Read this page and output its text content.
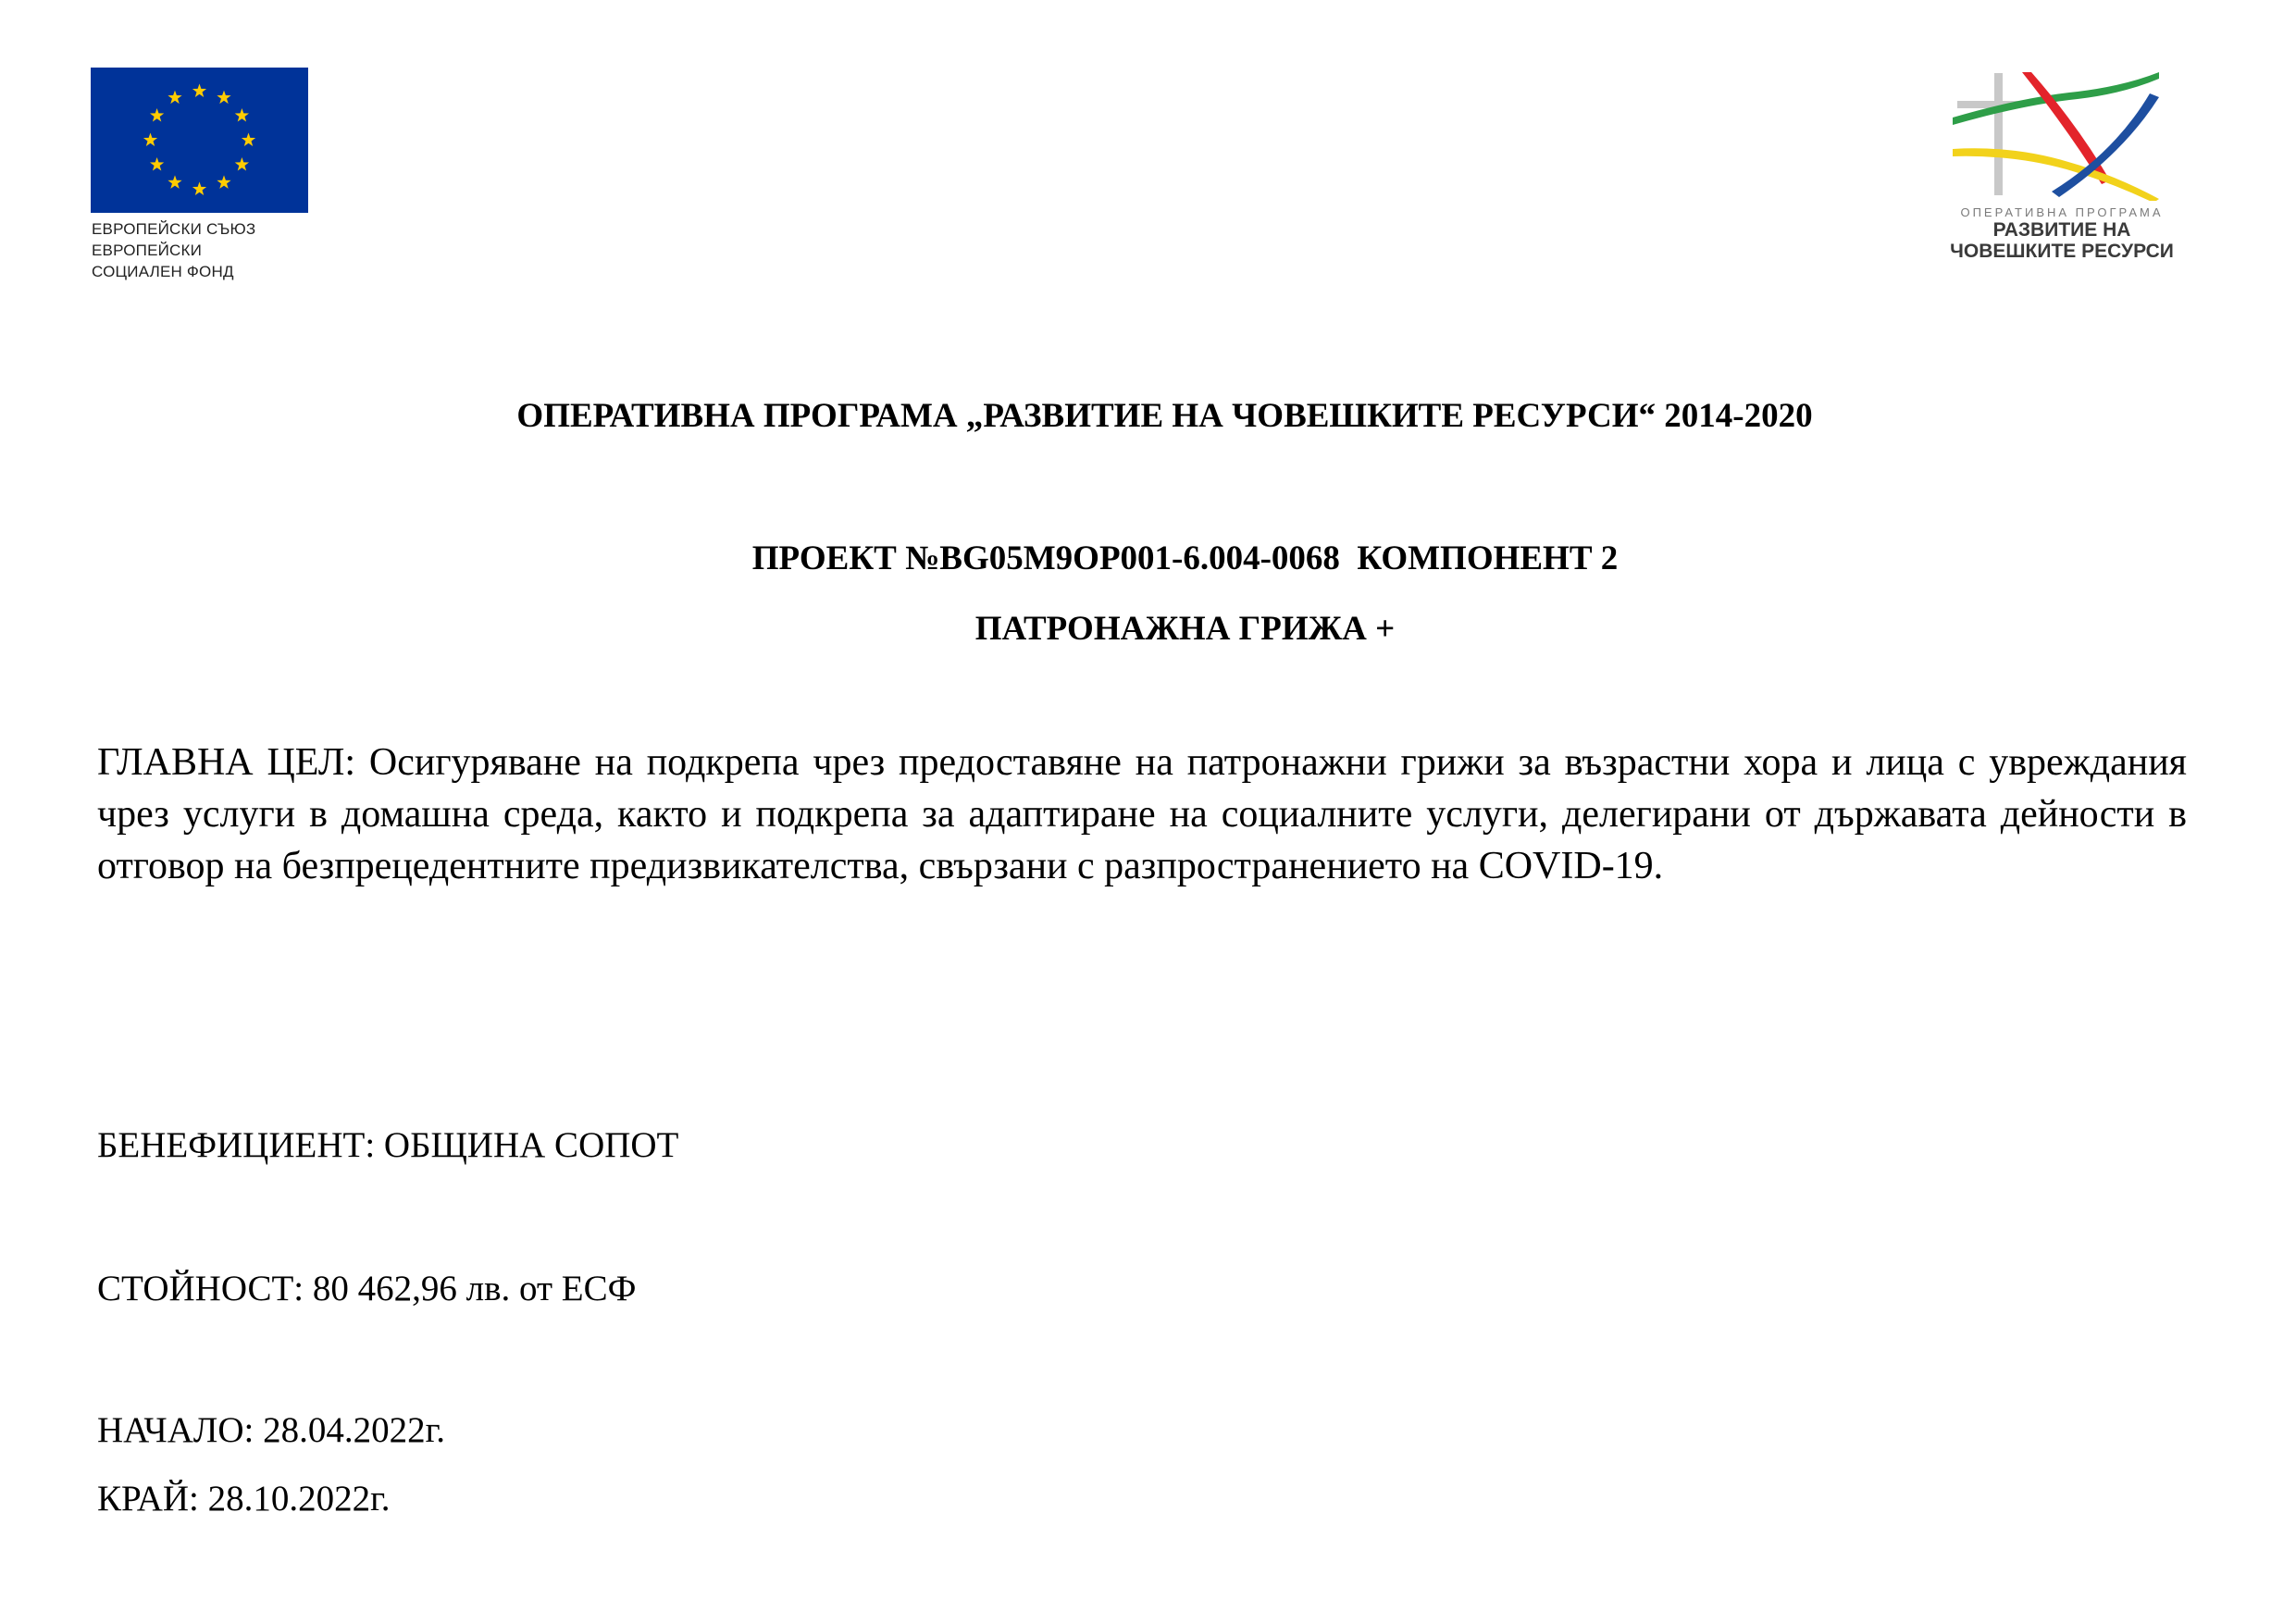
ЕВРОПЕЙСКИ СЪЮЗ
ЕВРОПЕЙСКИ
СОЦИАЛЕН ФОНД
ОПЕРАТИВНА ПРОГРАМА
РАЗВИТИЕ НА
ЧОВЕШКИТЕ РЕСУРСИ
ОПЕРАТИВНА ПРОГРАМА „РАЗВИТИЕ НА ЧОВЕШКИТЕ РЕСУРСИ“ 2014-2020
ПРОЕКТ №BG05M9OP001-6.004-0068  КОМПОНЕНТ 2
ПАТРОНАЖНА ГРИЖА +
ГЛАВНА ЦЕЛ: Осигуряване на подкрепа чрез предоставяне на патронажни грижи за възрастни хора и лица с увреждания чрез услуги в домашна среда, както и подкрепа за адаптиране на социалните услуги, делегирани от държавата дейности в отговор на безпрецедентните предизвикателства, свързани с разпространението на COVID-19.
БЕНЕФИЦИЕНТ: ОБЩИНА СОПОТ
СТОЙНОСТ: 80 462,96 лв. от ЕСФ
НАЧАЛО: 28.04.2022г.
КРАЙ: 28.10.2022г.
